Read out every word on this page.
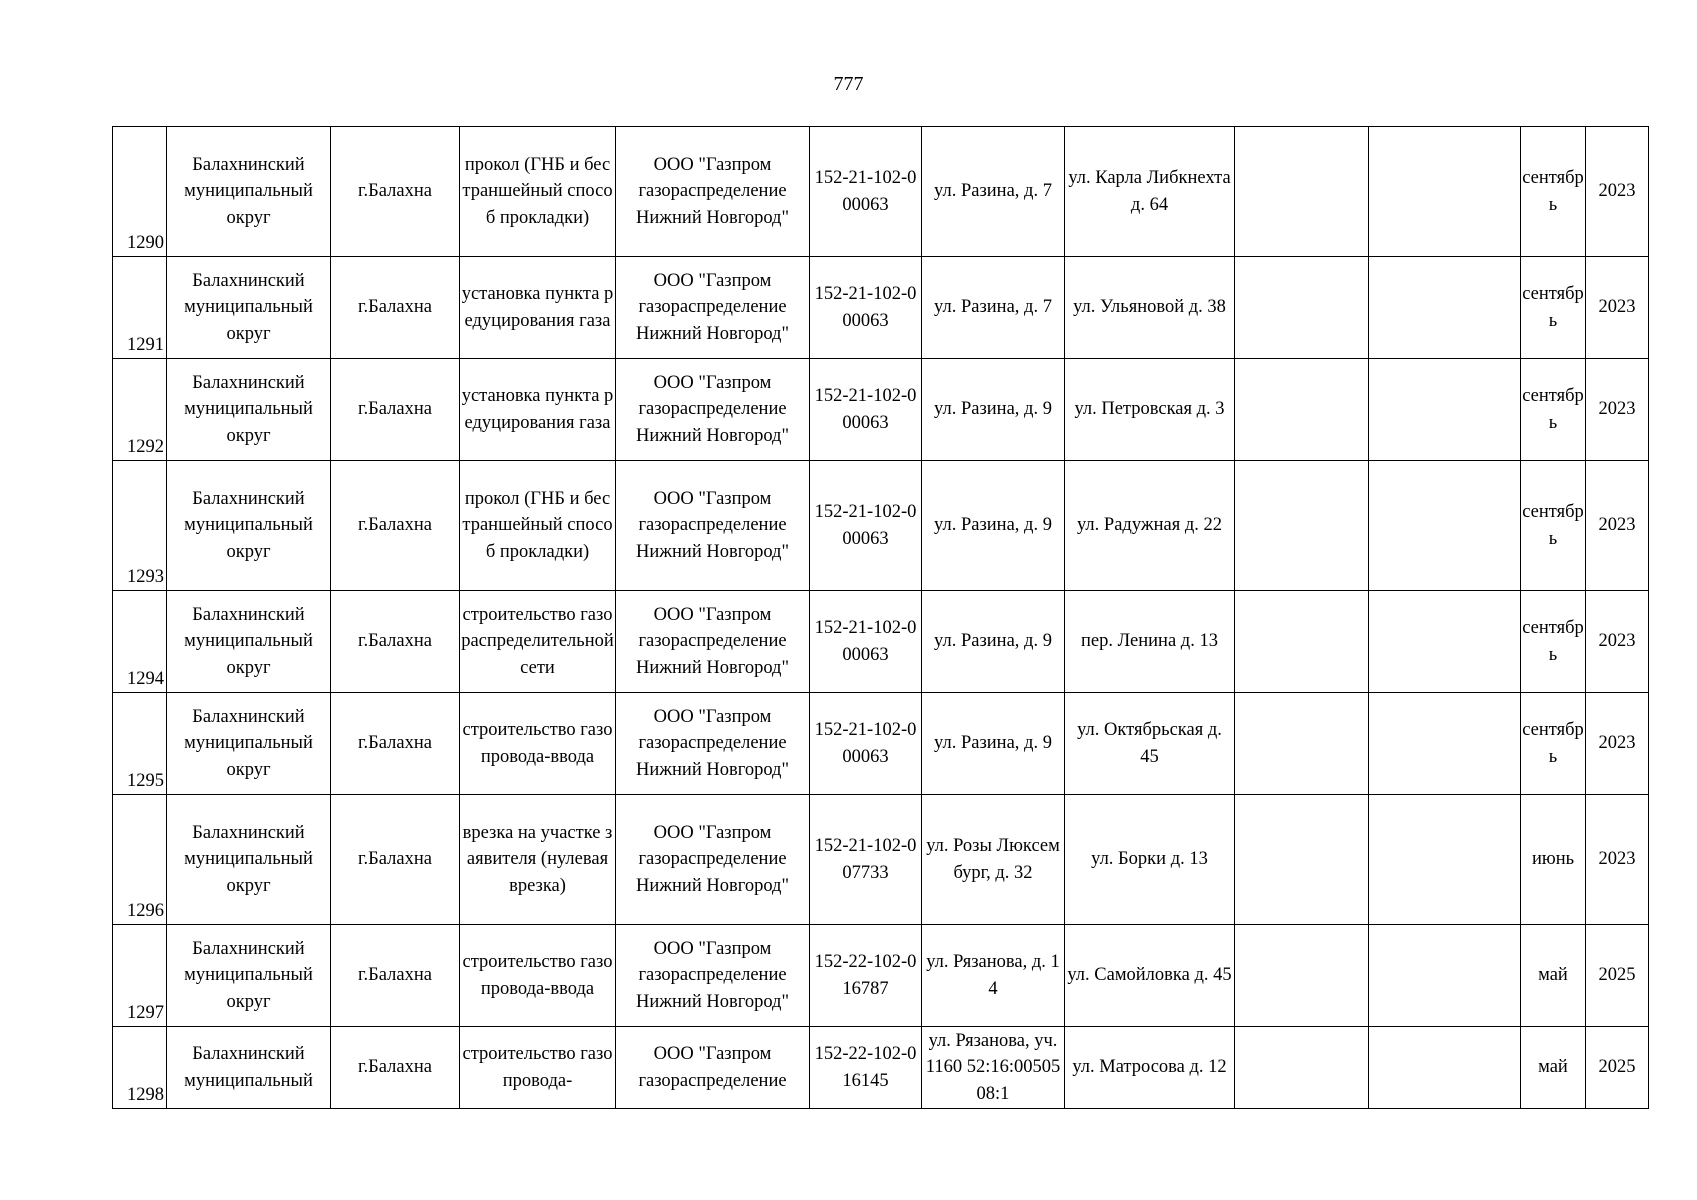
777
1290	Балахнинский муниципальный округ	г.Балахна	прокол (ГНБ и бестраншейный способ прокладки)	ООО "Газпром газораспределение Нижний Новгород"	152-21-102-000063	ул. Разина, д. 7	ул. Карла Либкнехта д. 64			сентябрь	2023
1291	Балахнинский муниципальный округ	г.Балахна	установка пункта редуцирования газа	ООО "Газпром газораспределение Нижний Новгород"	152-21-102-000063	ул. Разина, д. 7	ул. Ульяновой д. 38			сентябрь	2023
1292	Балахнинский муниципальный округ	г.Балахна	установка пункта редуцирования газа	ООО "Газпром газораспределение Нижний Новгород"	152-21-102-000063	ул. Разина, д. 9	ул. Петровская д. 3			сентябрь	2023
1293	Балахнинский муниципальный округ	г.Балахна	прокол (ГНБ и бестраншейный способ прокладки)	ООО "Газпром газораспределение Нижний Новгород"	152-21-102-000063	ул. Разина, д. 9	ул. Радужная д. 22			сентябрь	2023
1294	Балахнинский муниципальный округ	г.Балахна	строительство газораспределительной сети	ООО "Газпром газораспределение Нижний Новгород"	152-21-102-000063	ул. Разина, д. 9	пер. Ленина д. 13			сентябрь	2023
1295	Балахнинский муниципальный округ	г.Балахна	строительство газопровода-ввода	ООО "Газпром газораспределение Нижний Новгород"	152-21-102-000063	ул. Разина, д. 9	ул. Октябрьская д. 45			сентябрь	2023
1296	Балахнинский муниципальный округ	г.Балахна	врезка на участке заявителя (нулевая врезка)	ООО "Газпром газораспределение Нижний Новгород"	152-21-102-007733	ул. Розы Люксембург, д. 32	ул. Борки д. 13			июнь	2023
1297	Балахнинский муниципальный округ	г.Балахна	строительство газопровода-ввода	ООО "Газпром газораспределение Нижний Новгород"	152-22-102-016787	ул. Рязанова, д. 14	ул. Самойловка д. 45			май	2025
1298	Балахнинский муниципальный	г.Балахна	строительство газопровода-	ООО "Газпром газораспределение	152-22-102-016145	ул. Рязанова, уч. 1160 52:16:0050508:1	ул. Матросова д. 12			май	2025
